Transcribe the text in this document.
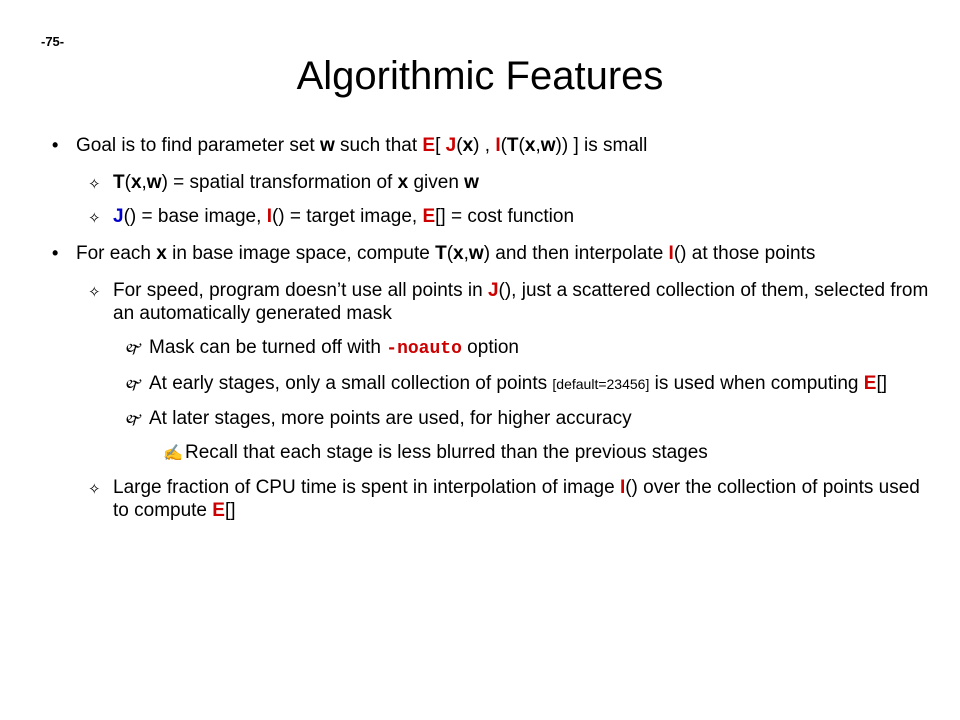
-75-
Algorithmic Features
• Goal is to find parameter set w such that E[ J(x) , I(T(x,w)) ] is small
✧ T(x,w) = spatial transformation of x given w
✧ J() = base image, I() = target image, E[] = cost function
• For each x in base image space, compute T(x,w) and then interpolate I() at those points
✧ For speed, program doesn’t use all points in J(), just a scattered collection of them, selected from an automatically generated mask
🙰 Mask can be turned off with -noauto option
🙰 At early stages, only a small collection of points [default=23456] is used when computing E[]
🙰 At later stages, more points are used, for higher accuracy
✍ Recall that each stage is less blurred than the previous stages
✧ Large fraction of CPU time is spent in interpolation of image I() over the collection of points used to compute E[]
